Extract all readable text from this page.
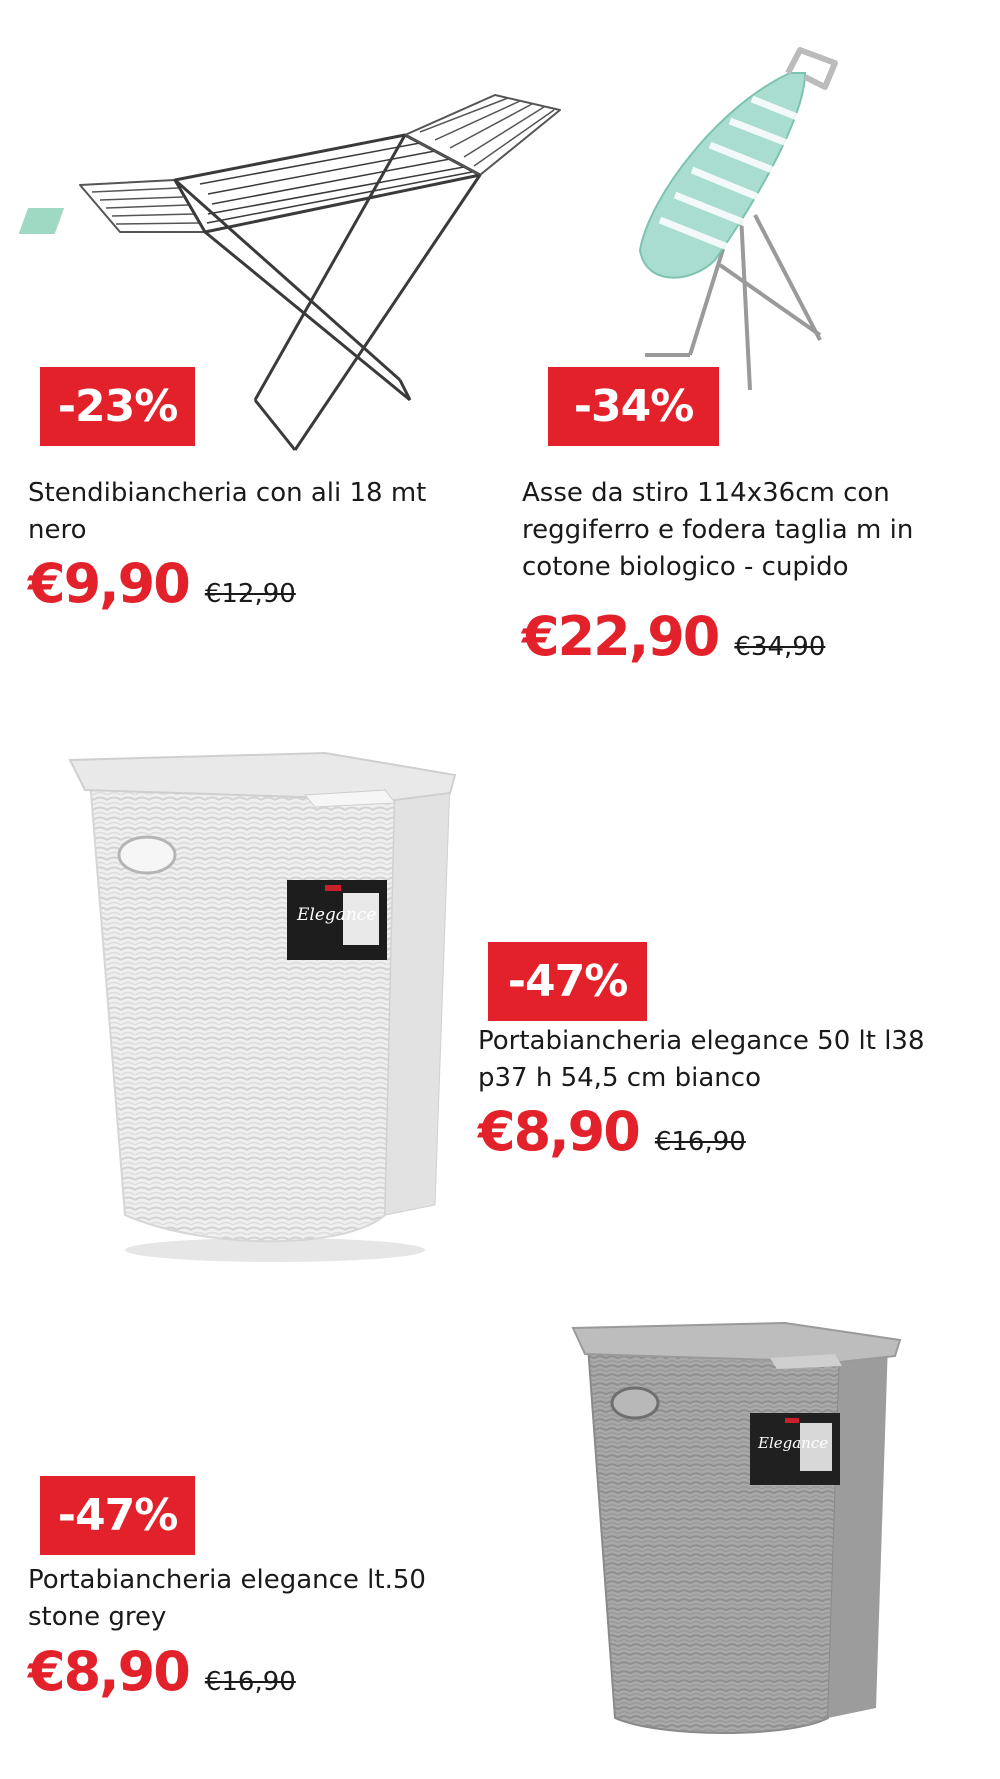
-23%
Stendibiancheria con ali 18 mt
nero
€9,90 €12,90
-34%
Asse da stiro 114x36cm con
reggiferro e fodera taglia m in
cotone biologico - cupido
€22,90 €34,90
Elegance
-47%
Portabiancheria elegance 50 lt l38
p37 h 54,5 cm bianco
€8,90 €16,90
Elegance
-47%
Portabiancheria elegance lt.50
stone grey
€8,90 €16,90
